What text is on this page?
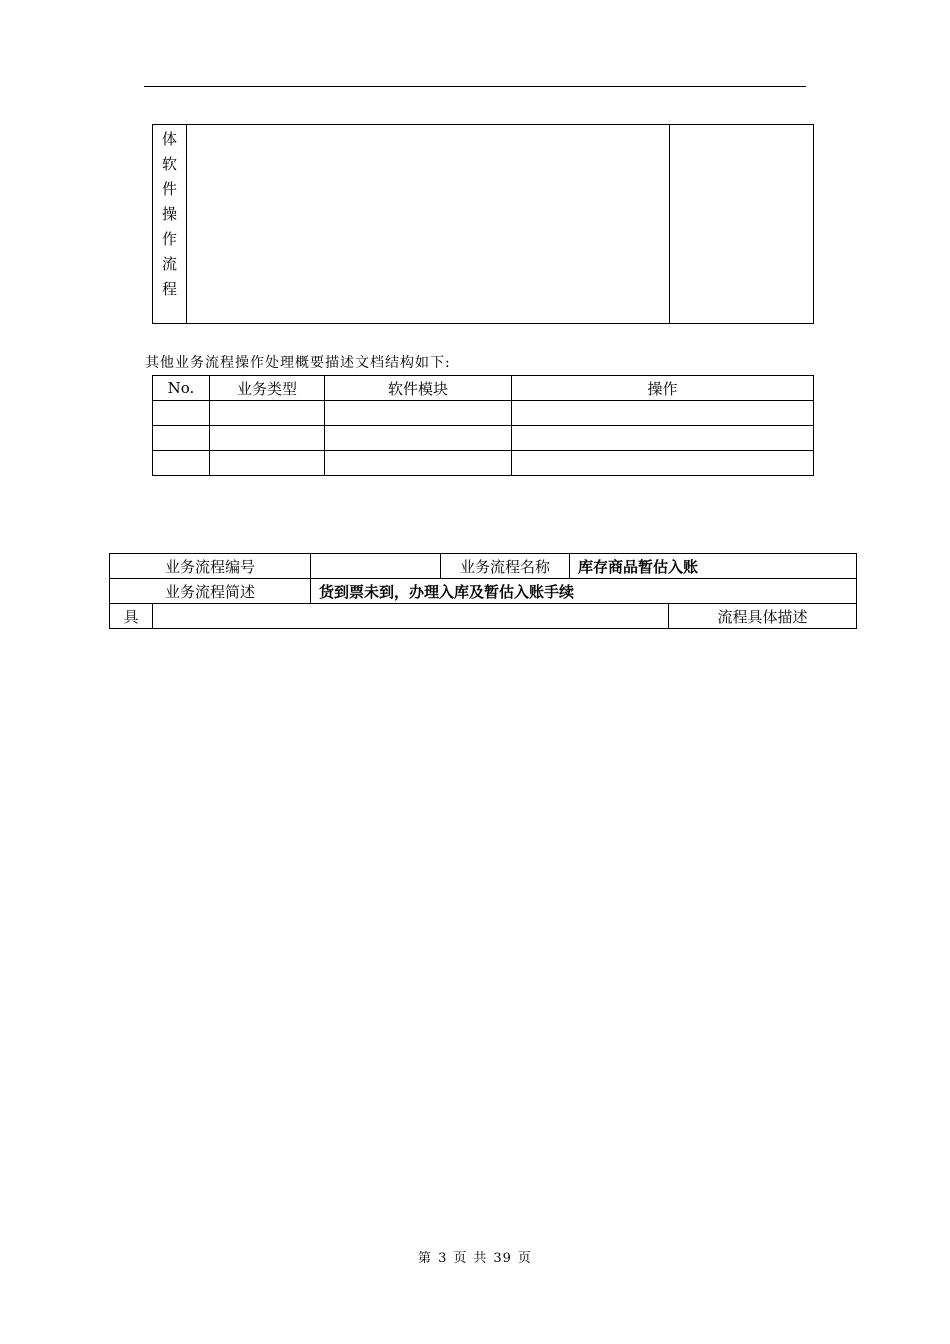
体
软
件
操
作
流
程

其他业务流程操作处理概要描述文档结构如下:
No.	业务类型	软件模块	操作

业务流程编号			业务流程名称	库存商品暂估入账	
业务流程简述		货到票未到，办理入库及暂估入账手续			
具					流程具体描述
第 3 页 共 39 页
